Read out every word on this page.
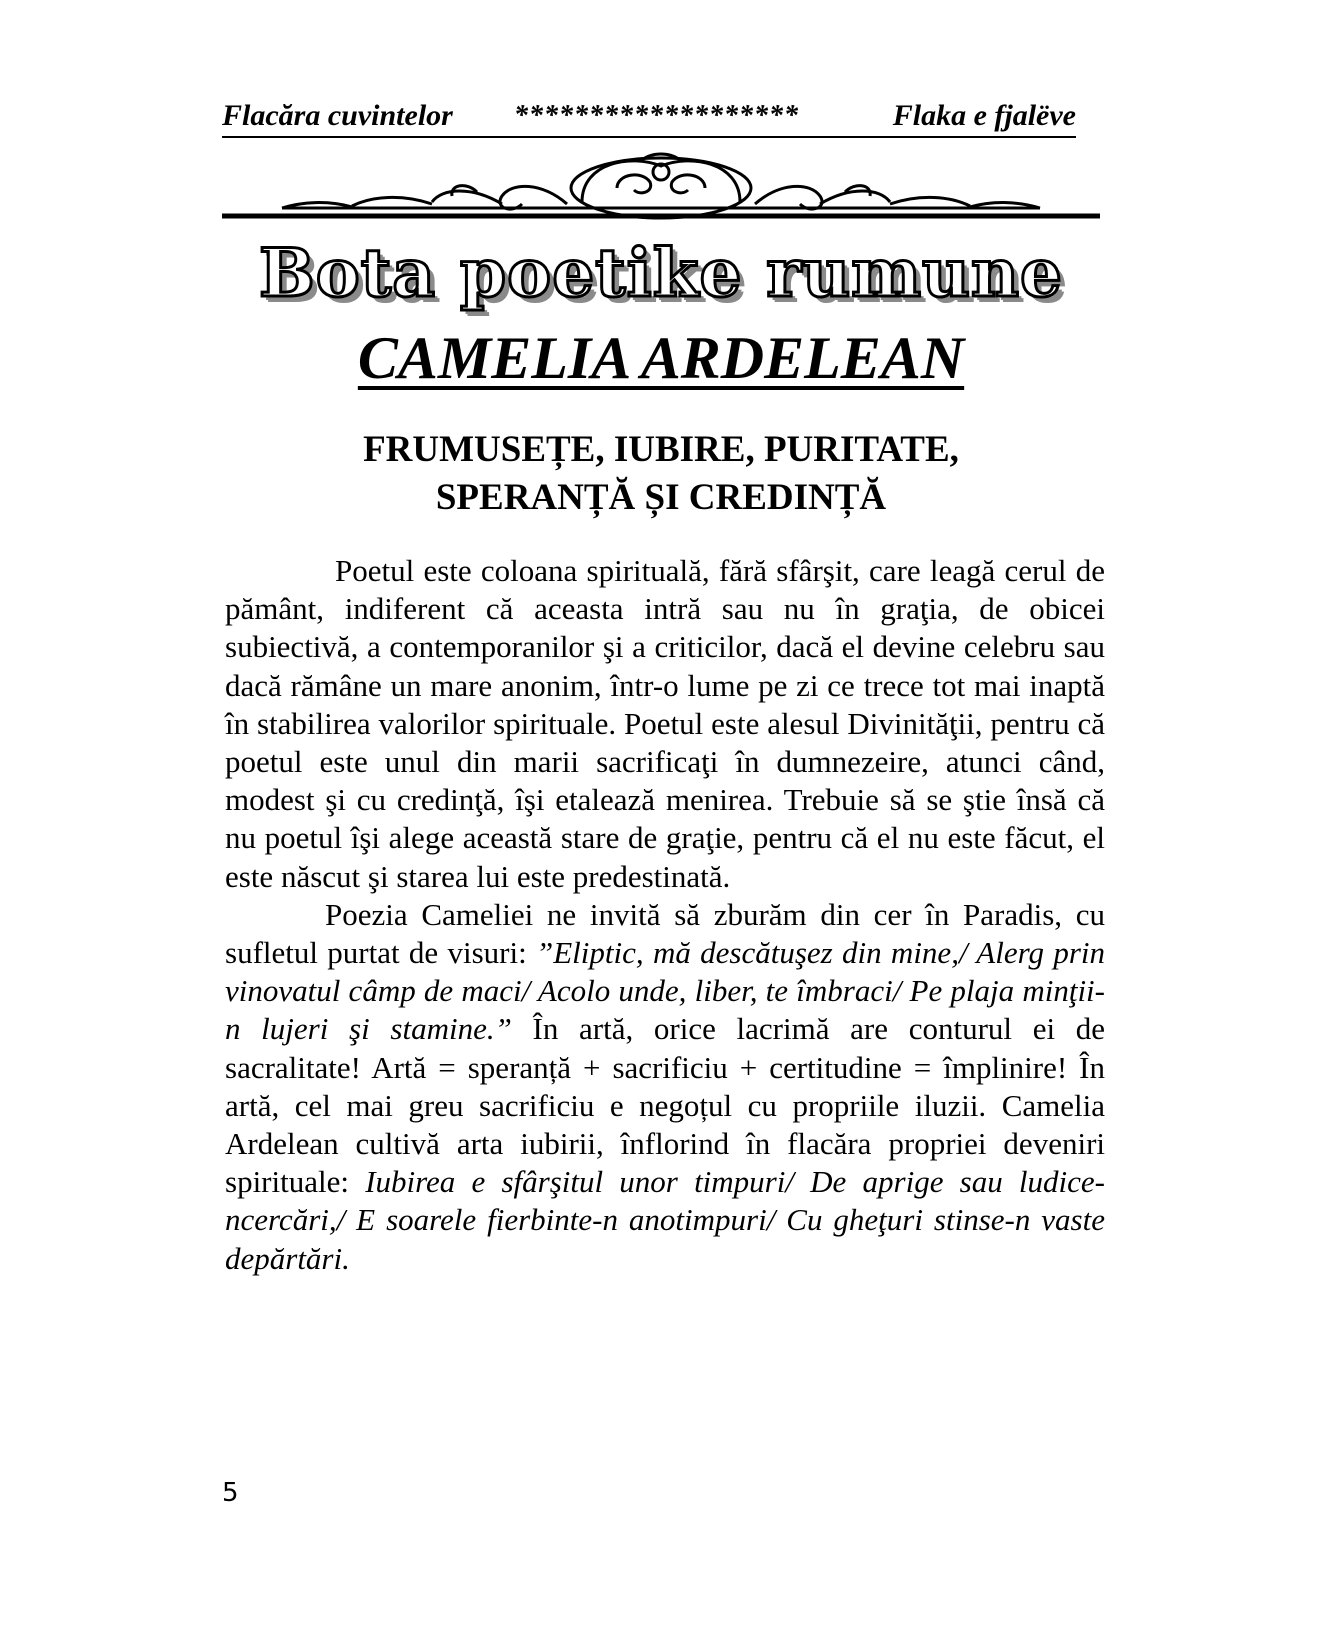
Flacăra cuvintelor *******************	Flaka e fjalëve
Bota poetike rumune
CAMELIA ARDELEAN
FRUMUSEȚE, IUBIRE, PURITATE,
SPERANȚĂ ȘI CREDINȚĂ

Poetul este coloana spirituală, fără sfârşit, care leagă cerul de pământ, indiferent că aceasta intră sau nu în graţia, de obicei subiectivă, a contemporanilor şi a criticilor, dacă el devine celebru sau dacă rămâne un mare anonim, într-o lume pe zi ce trece tot mai inaptă în stabilirea valorilor spirituale. Poetul este alesul Divinităţii, pentru că poetul este unul din marii sacrificaţi în dumnezeire, atunci când, modest şi cu credinţă, îşi etalează menirea. Trebuie să se ştie însă că nu poetul îşi alege această stare de graţie, pentru că el nu este făcut, el este născut şi starea lui este predestinată.

Poezia Cameliei ne invită să zburăm din cer în Paradis, cu sufletul purtat de visuri: ”Eliptic, mă descătuşez din mine,/ Alerg prin vinovatul câmp de maci/ Acolo unde, liber, te îmbraci/ Pe plaja minţii-n lujeri şi stamine.” În artă, orice lacrimă are conturul ei de sacralitate! Artă = speranță + sacrificiu + certitudine = împlinire! În artă, cel mai greu sacrificiu e negoțul cu propriile iluzii. Camelia Ardelean cultivă arta iubirii, înflorind în flacăra propriei deveniri spirituale: Iubirea e sfârşitul unor timpuri/ De aprige sau ludice-ncercări,/ E soarele fierbinte-n anotimpuri/ Cu gheţuri stinse-n vaste depărtări.

5
